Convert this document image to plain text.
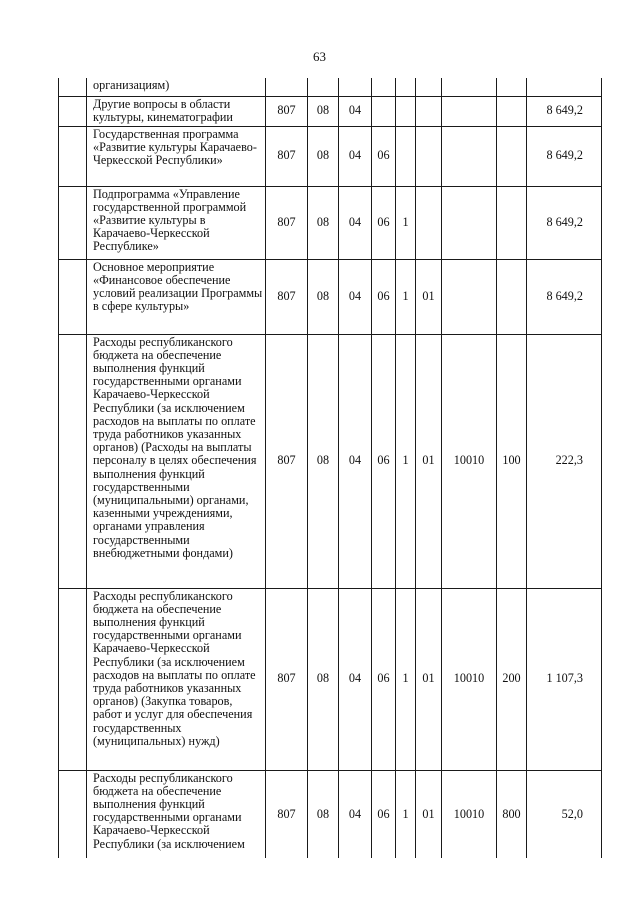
63
	организациям)									
	Другие вопросы в области культуры, кинематографии	807	08	04						8 649,2
	Государственная программа «Развитие культуры Карачаево-Черкесской Республики»	807	08	04	06					8 649,2
	Подпрограмма «Управление государственной программой «Развитие культуры в Карачаево-Черкесской Республике»	807	08	04	06	1				8 649,2
	Основное мероприятие «Финансовое обеспечение условий реализации Программы в сфере культуры»	807	08	04	06	1	01			8 649,2
	Расходы республиканского бюджета на обеспечение выполнения функций государственными органами Карачаево-Черкесской Республики (за исключением расходов на выплаты по оплате труда работников указанных органов) (Расходы на выплаты персоналу в целях обеспечения выполнения функций государственными (муниципальными) органами, казенными учреждениями, органами управления государственными внебюджетными фондами)	807	08	04	06	1	01	10010	100	222,3
	Расходы республиканского бюджета на обеспечение выполнения функций государственными органами Карачаево-Черкесской Республики (за исключением расходов на выплаты по оплате труда работников указанных органов) (Закупка товаров, работ и услуг для обеспечения государственных (муниципальных) нужд)	807	08	04	06	1	01	10010	200	1 107,3
	Расходы республиканского бюджета на обеспечение выполнения функций государственными органами Карачаево-Черкесской Республики (за исключением	807	08	04	06	1	01	10010	800	52,0
